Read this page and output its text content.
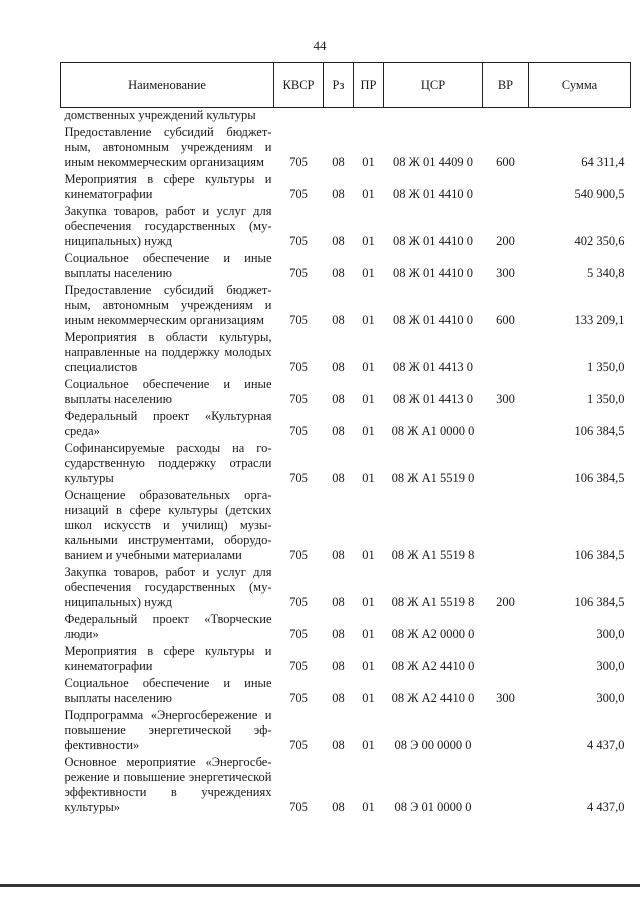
44
Наименование	КВСР	Рз	ПР	ЦСР	ВР	Сумма
домственных учреждений культуры						
Предоставление субсидий бюджетным, автономным учреждениям и иным некоммерческим организациям	705	08	01	08 Ж 01 4409 0	600	64 311,4
Мероприятия в сфере культуры и кинематографии	705	08	01	08 Ж 01 4410 0		540 900,5
Закупка товаров, работ и услуг для обеспечения государственных (муниципальных) нужд	705	08	01	08 Ж 01 4410 0	200	402 350,6
Социальное обеспечение и иные выплаты населению	705	08	01	08 Ж 01 4410 0	300	5 340,8
Предоставление субсидий бюджетным, автономным учреждениям и иным некоммерческим организациям	705	08	01	08 Ж 01 4410 0	600	133 209,1
Мероприятия в области культуры, направленные на поддержку молодых специалистов	705	08	01	08 Ж 01 4413 0		1 350,0
Социальное обеспечение и иные выплаты населению	705	08	01	08 Ж 01 4413 0	300	1 350,0
Федеральный проект «Культурная среда»	705	08	01	08 Ж А1 0000 0		106 384,5
Софинансируемые расходы на государственную поддержку отрасли культуры	705	08	01	08 Ж А1 5519 0		106 384,5
Оснащение образовательных организаций в сфере культуры (детских школ искусств и училищ) музыкальными инструментами, оборудованием и учебными материалами	705	08	01	08 Ж А1 5519 8		106 384,5
Закупка товаров, работ и услуг для обеспечения государственных (муниципальных) нужд	705	08	01	08 Ж А1 5519 8	200	106 384,5
Федеральный проект «Творческие люди»	705	08	01	08 Ж А2 0000 0		300,0
Мероприятия в сфере культуры и кинематографии	705	08	01	08 Ж А2 4410 0		300,0
Социальное обеспечение и иные выплаты населению	705	08	01	08 Ж А2 4410 0	300	300,0
Подпрограмма «Энергосбережение и повышение энергетической эффективности»	705	08	01	08 Э 00 0000 0		4 437,0
Основное мероприятие «Энергосбережение и повышение энергетической эффективности в учреждениях культуры»	705	08	01	08 Э 01 0000 0		4 437,0
